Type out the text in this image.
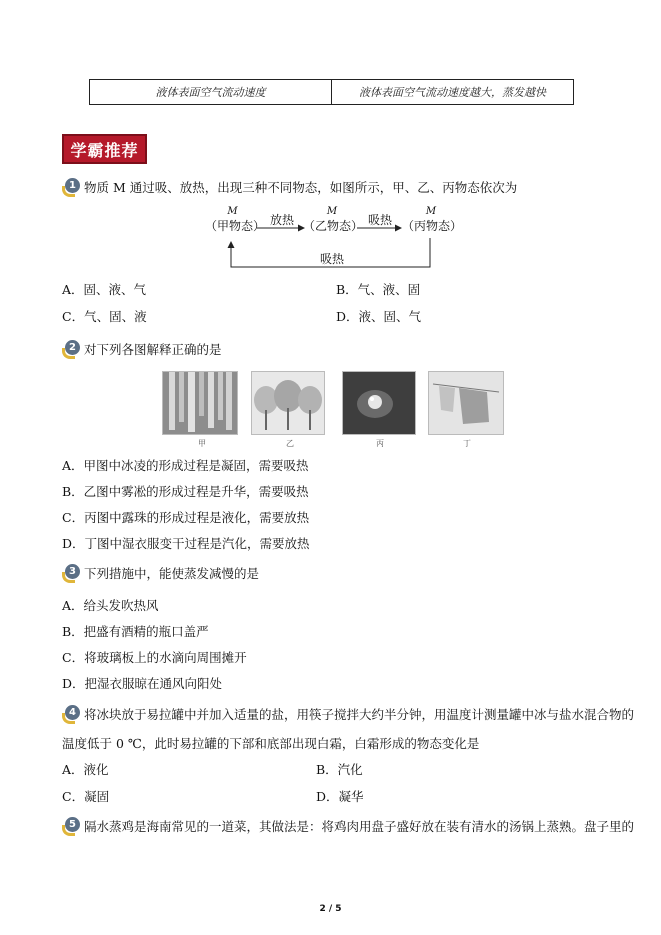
液体表面空气流动速度	液体表面空气流动速度越大，蒸发越快
学霸推荐
1 物质 M 通过吸、放热，出现三种不同物态，如图所示，甲、乙、丙物态依次为
M
（甲物态）
M
（乙物态）
M
（丙物态）
放热	吸热
吸热
A．固、液、气	B．气、液、固
C．气、固、液	D．液、固、气
2 对下列各图解释正确的是
甲	乙	丙	丁
A．甲图中冰凌的形成过程是凝固，需要吸热
B．乙图中雾凇的形成过程是升华，需要吸热
C．丙图中露珠的形成过程是液化，需要放热
D．丁图中湿衣服变干过程是汽化，需要放热
3 下列措施中，能使蒸发减慢的是
A．给头发吹热风
B．把盛有酒精的瓶口盖严
C．将玻璃板上的水滴向周围摊开
D．把湿衣服晾在通风向阳处
4 将冰块放于易拉罐中并加入适量的盐，用筷子搅拌大约半分钟，用温度计测量罐中冰与盐水混合物的
温度低于 0 ℃，此时易拉罐的下部和底部出现白霜，白霜形成的物态变化是
A．液化	B．汽化
C．凝固	D．凝华
5 隔水蒸鸡是海南常见的一道菜，其做法是：将鸡肉用盘子盛好放在装有清水的汤锅上蒸熟。盘子里的
2 / 5
